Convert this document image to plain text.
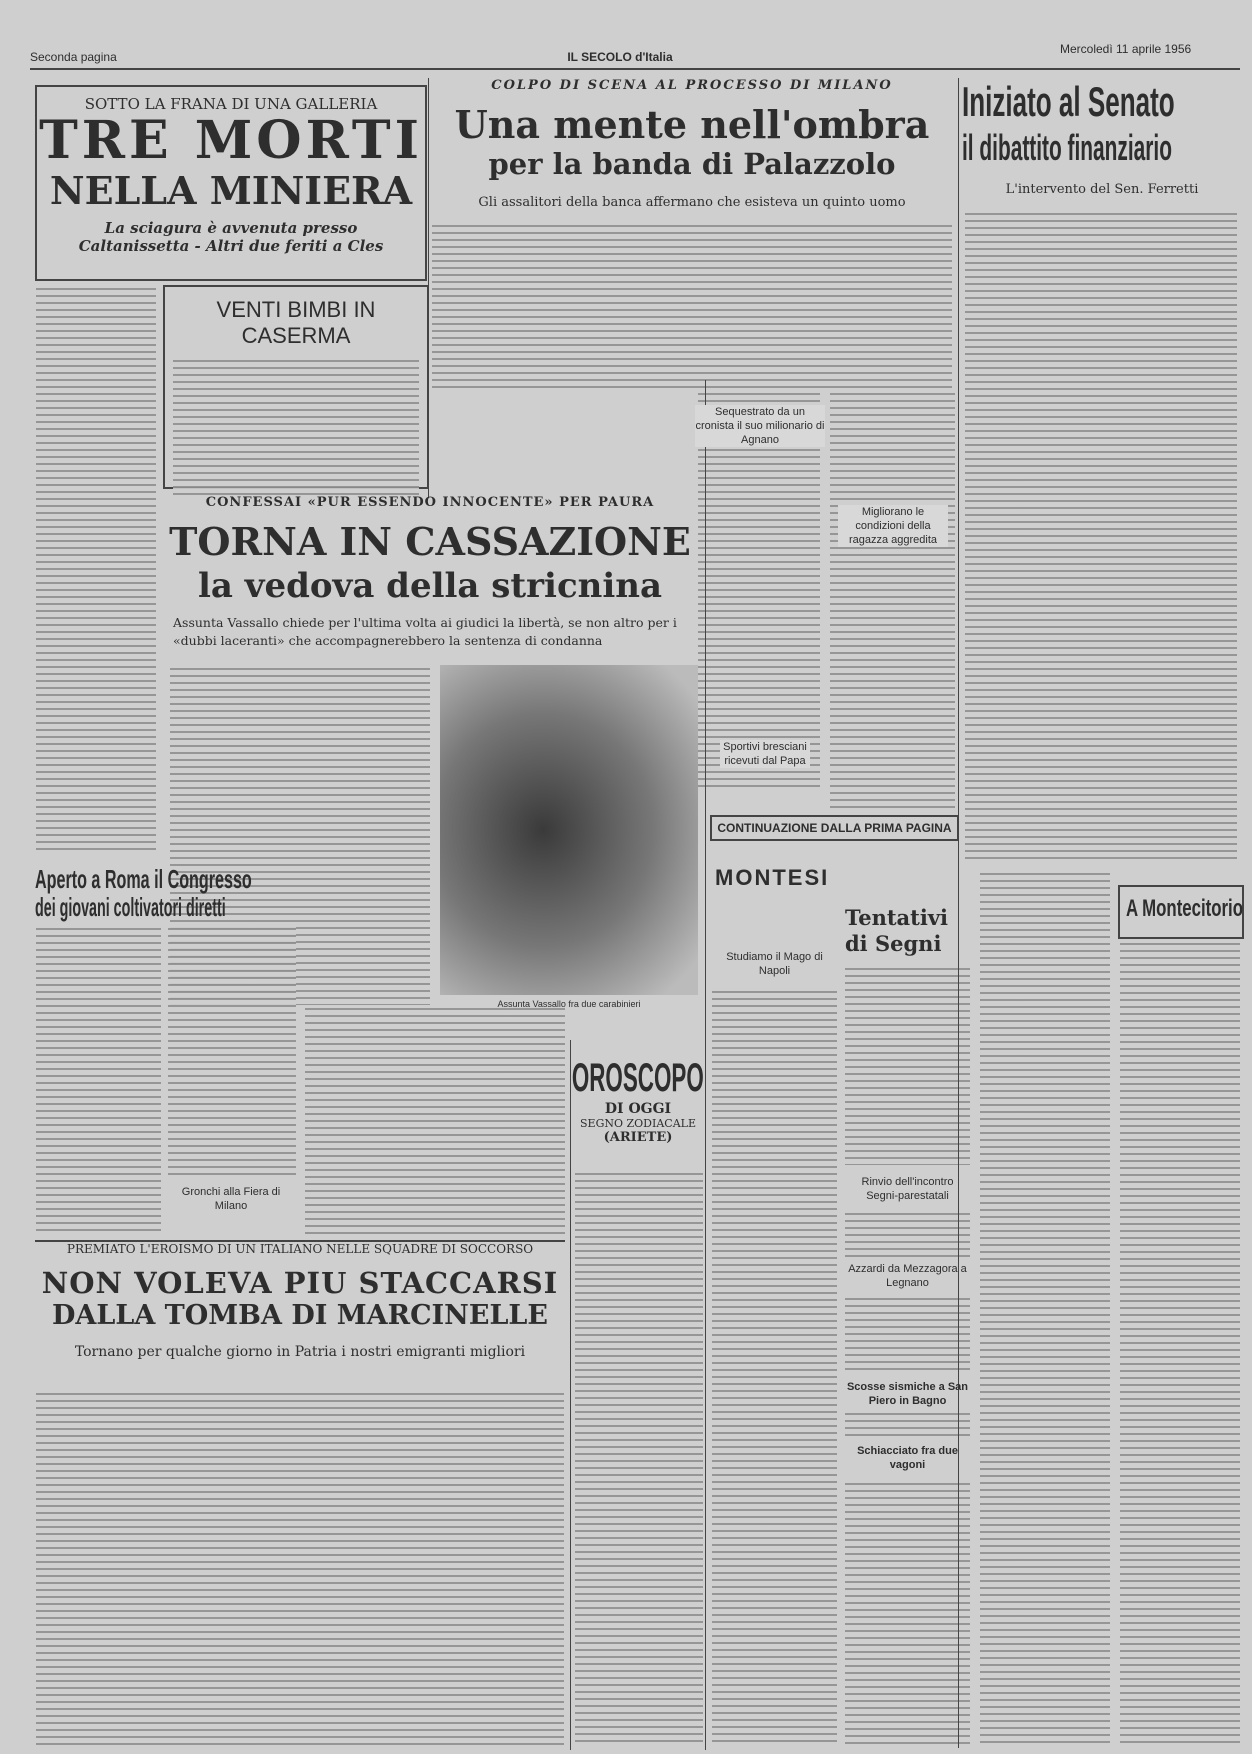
Seconda pagina	IL SECOLO d'Italia
Mercoledì 11 aprile 1956
SOTTO LA FRANA DI UNA GALLERIA
TRE MORTI
NELLA MINIERA
La sciagura è avvenuta presso Caltanissetta - Altri due feriti a Cles
VENTI BIMBI IN CASERMA
COLPO DI SCENA AL PROCESSO DI MILANO
Una mente nell'ombra
per la banda di Palazzolo
Gli assalitori della banca affermano che esisteva un quinto uomo
Iniziato al Senato
il dibattito finanziario
L'intervento del Sen. Ferretti
Sequestrato da un cronista il suo milionario di Agnano
Migliorano le condizioni della ragazza aggredita
Sportivi bresciani ricevuti dal Papa
CONFESSAI «PUR ESSENDO INNOCENTE» PER PAURA
TORNA IN CASSAZIONE
la vedova della stricnina
Assunta Vassallo chiede per l'ultima volta ai giudici la libertà, se non altro per i «dubbi laceranti» che accompagnerebbero la sentenza di condanna
Assunta Vassallo fra due carabinieri
CONTINUAZIONE DALLA PRIMA PAGINA
MONTESI
Studiamo il Mago di Napoli
Tentativi di Segni
Rinvio dell'incontro Segni-parestatali
Azzardi da Mezzagora a Legnano
Scosse sismiche a San Piero in Bagno
Schiacciato fra due vagoni
A Montecitorio
Aperto a Roma il Congresso
dei giovani coltivatori diretti
Gronchi alla Fiera di Milano
OROSCOPO
DI OGGI
SEGNO ZODIACALE
(ARIETE)
PREMIATO L'EROISMO DI UN ITALIANO NELLE SQUADRE DI SOCCORSO
NON VOLEVA PIU STACCARSI
DALLA TOMBA DI MARCINELLE
Tornano per qualche giorno in Patria i nostri emigranti migliori
